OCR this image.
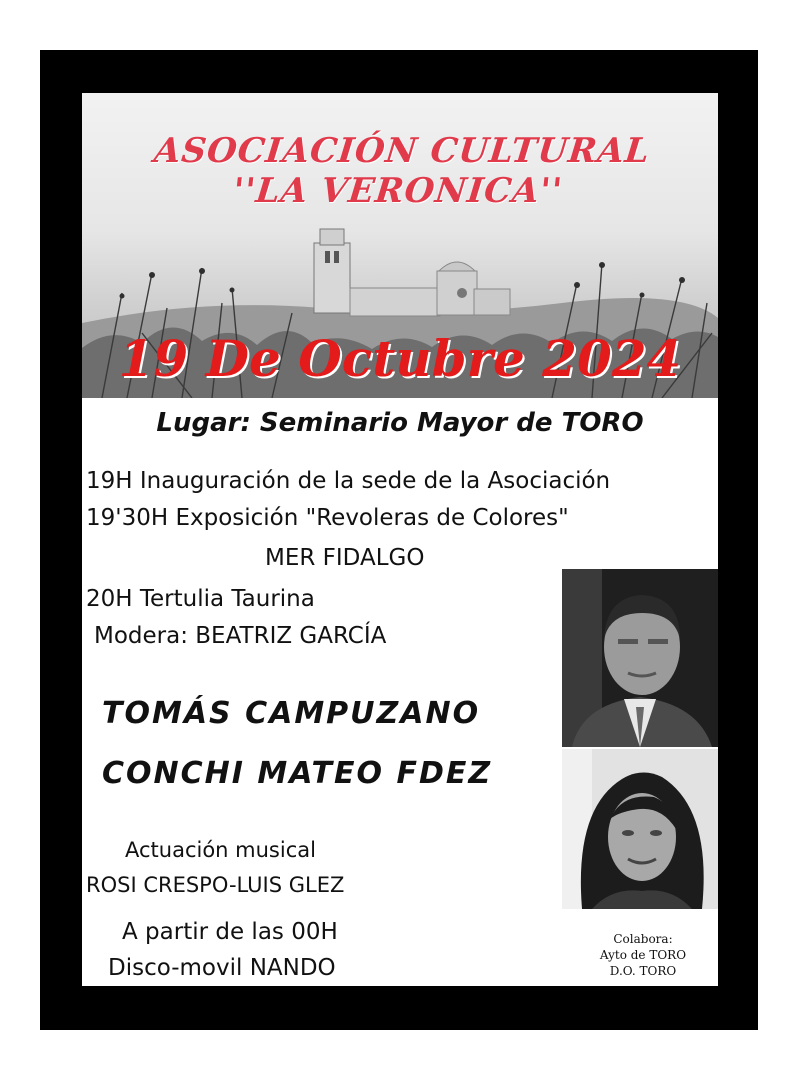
ASOCIACIÓN CULTURAL
''LA VERONICA''
19 De Octubre 2024
Lugar: Seminario Mayor de TORO
19H Inauguración de la sede de la Asociación
19'30H Exposición "Revoleras de Colores"
MER FIDALGO
20H Tertulia Taurina
Modera: BEATRIZ GARCÍA
TOMÁS CAMPUZANO
CONCHI MATEO FDEZ
Actuación musical
ROSI CRESPO-LUIS GLEZ
A partir de las 00H
Disco-movil NANDO
Colabora:
Ayto de TORO
D.O. TORO
